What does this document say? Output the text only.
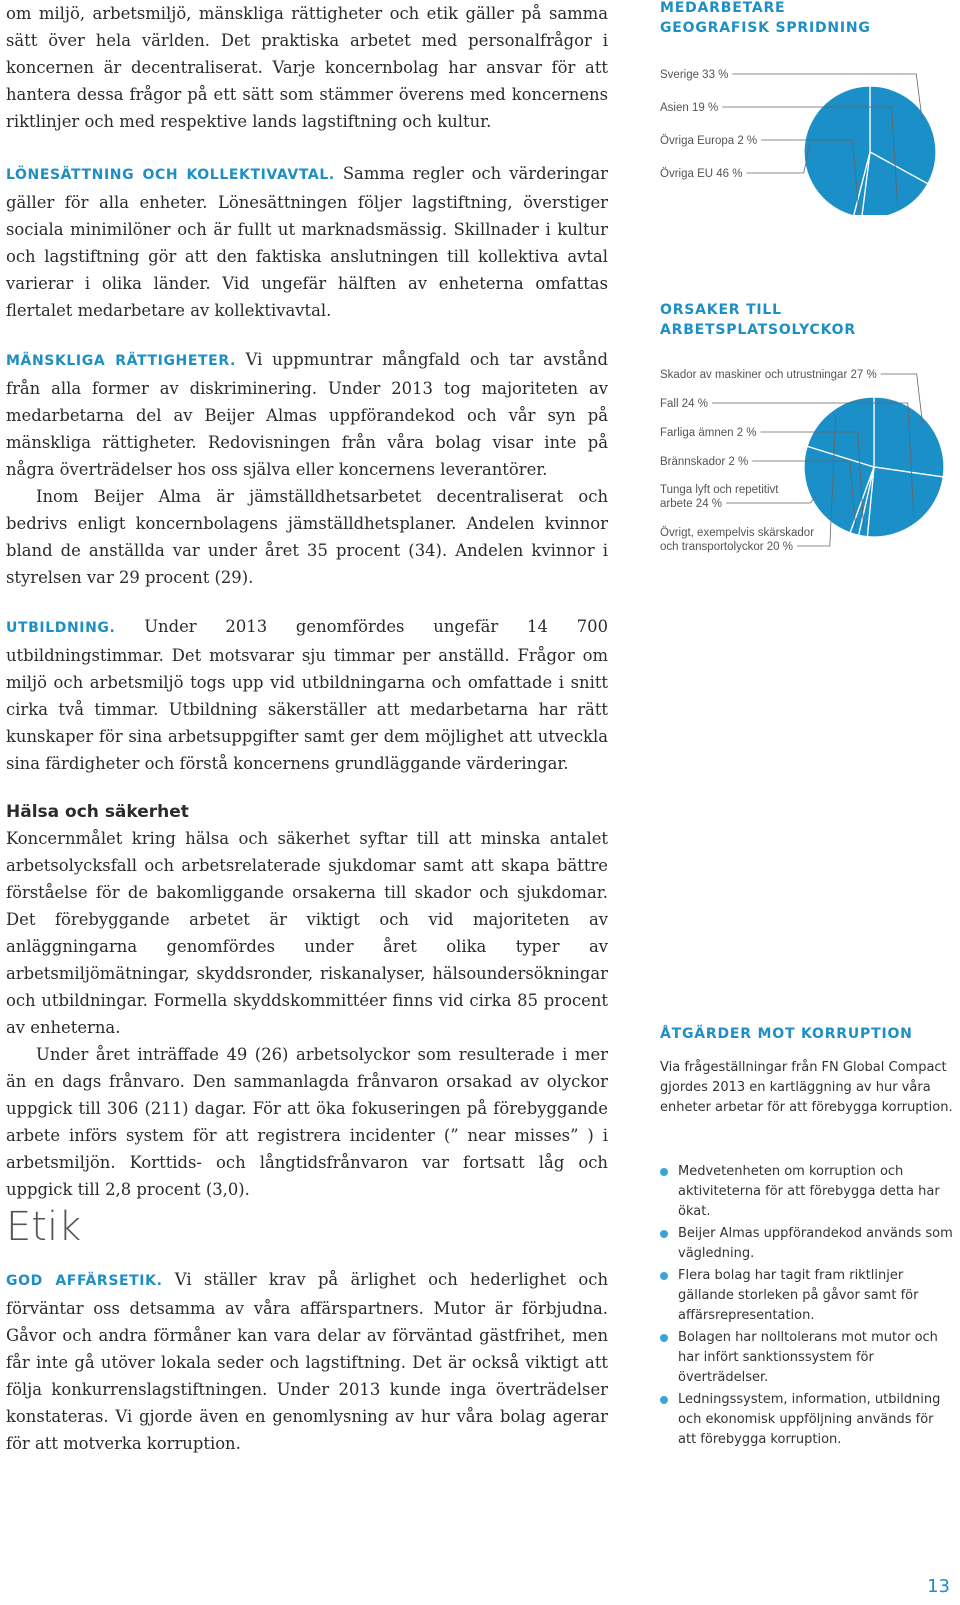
om miljö, arbetsmiljö, mänskliga rättigheter och etik gäller på samma sätt över hela världen. Det praktiska arbetet med personalfrågor i koncernen är decentraliserat. Varje koncernbolag har ansvar för att hantera dessa frågor på ett sätt som stämmer överens med koncernens riktlinjer och med respektive lands lagstiftning och kultur.

LÖNESÄTTNING OCH KOLLEKTIVAVTAL. Samma regler och värderingar gäller för alla enheter. Lönesättningen följer lagstiftning, överstiger sociala minimilöner och är fullt ut marknadsmässig. Skillnader i kultur och lagstiftning gör att den faktiska anslutningen till kollektiva avtal varierar i olika länder. Vid ungefär hälften av enheterna omfattas flertalet medarbetare av kollektivavtal.

MÄNSKLIGA RÄTTIGHETER. Vi uppmuntrar mångfald och tar avstånd från alla former av diskriminering. Under 2013 tog majoriteten av medarbetarna del av Beijer Almas uppförandekod och vår syn på mänskliga rättigheter. Redovisningen från våra bolag visar inte på några överträdelser hos oss själva eller koncernens leverantörer.

Inom Beijer Alma är jämställdhetsarbetet decentraliserat och bedrivs enligt koncernbolagens jämställdhetsplaner. Andelen kvinnor bland de anställda var under året 35 procent (34). Andelen kvinnor i styrelsen var 29 procent (29).

UTBILDNING. Under 2013 genomfördes ungefär 14 700 utbildningstimmar. Det motsvarar sju timmar per anställd. Frågor om miljö och arbetsmiljö togs upp vid utbildningarna och omfattade i snitt cirka två timmar. Utbildning säkerställer att medarbetarna har rätt kunskaper för sina arbetsuppgifter samt ger dem möjlighet att utveckla sina färdigheter och förstå koncernens grundläggande värderingar.

Hälsa och säkerhet

Koncernmålet kring hälsa och säkerhet syftar till att minska antalet arbetsolycksfall och arbetsrelaterade sjukdomar samt att skapa bättre förståelse för de bakomliggande orsakerna till skador och sjukdomar. Det förebyggande arbetet är viktigt och vid majoriteten av anläggningarna genomfördes under året olika typer av arbetsmiljömätningar, skyddsronder, riskanalyser, hälsoundersökningar och utbildningar. Formella skyddskommittéer finns vid cirka 85 procent av enheterna.

Under året inträffade 49 (26) arbetsolyckor som resulterade i mer än en dags frånvaro. Den sammanlagda frånvaron orsakad av olyckor uppgick till 306 (211) dagar. För att öka fokuseringen på förebyggande arbete införs system för att registrera incidenter (” near misses” ) i arbetsmiljön. Korttids- och långtidsfrånvaron var fortsatt låg och uppgick till 2,8 procent (3,0).

Etik

GOD AFFÄRSETIK. Vi ställer krav på ärlighet och hederlighet och förväntar oss detsamma av våra affärspartners. Mutor är förbjudna. Gåvor och andra förmåner kan vara delar av förväntad gästfrihet, men får inte gå utöver lokala seder och lagstiftning. Det är också viktigt att följa konkurrenslagstiftningen. Under 2013 kunde inga överträdelser konstateras. Vi gjorde även en genomlysning av hur våra bolag agerar för att motverka korruption.

MEDARBETARE
GEOGRAFISK SPRIDNING
Sverige 33 %
Asien 19 %
Övriga Europa 2 %
Övriga EU 46 %
ORSAKER TILL
ARBETSPLATSOLYCKOR
Skador av maskiner och utrustningar 27 %
Fall 24 %
Farliga ämnen 2 %
Brännskador 2 %
Tunga lyft och repetitivt
arbete 24 %
Övrigt, exempelvis skärskador
och transportolyckor 20 %
ÅTGÄRDER MOT KORRUPTION
Via frågeställningar från FN Global Compact gjordes 2013 en kartläggning av hur våra enheter arbetar för att förebygga korruption.
Medvetenheten om korruption och aktiviteterna för att förebygga detta har ökat.
Beijer Almas uppförandekod används som vägledning.
Flera bolag har tagit fram riktlinjer gällande storleken på gåvor samt för affärsrepresentation.
Bolagen har nolltolerans mot mutor och har infört sanktionssystem för överträdelser.
Ledningssystem, information, utbildning och ekonomisk uppföljning används för att förebygga korruption.
13
